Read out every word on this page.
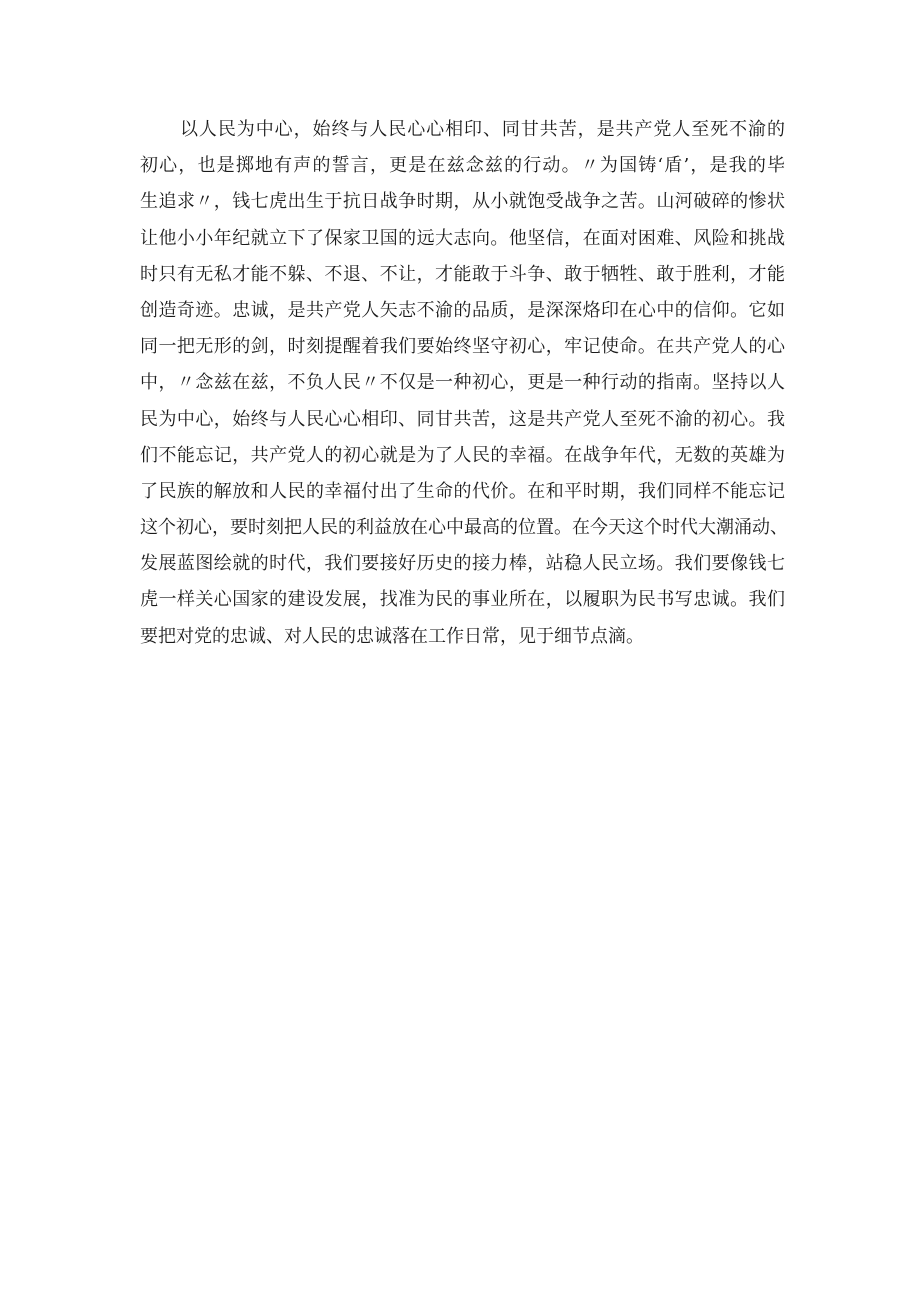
以人民为中心，始终与人民心心相印、同甘共苦，是共产党人至死不渝的
初心，也是掷地有声的誓言，更是在兹念兹的行动。〃为国铸‘盾’，是我的毕
生追求〃，钱七虎出生于抗日战争时期，从小就饱受战争之苦。山河破碎的惨状
让他小小年纪就立下了保家卫国的远大志向。他坚信，在面对困难、风险和挑战
时只有无私才能不躲、不退、不让，才能敢于斗争、敢于牺牲、敢于胜利，才能
创造奇迹。忠诚，是共产党人矢志不渝的品质，是深深烙印在心中的信仰。它如
同一把无形的剑，时刻提醒着我们要始终坚守初心，牢记使命。在共产党人的心
中，〃念兹在兹，不负人民〃不仅是一种初心，更是一种行动的指南。坚持以人
民为中心，始终与人民心心相印、同甘共苦，这是共产党人至死不渝的初心。我
们不能忘记，共产党人的初心就是为了人民的幸福。在战争年代，无数的英雄为
了民族的解放和人民的幸福付出了生命的代价。在和平时期，我们同样不能忘记
这个初心，要时刻把人民的利益放在心中最高的位置。在今天这个时代大潮涌动、
发展蓝图绘就的时代，我们要接好历史的接力棒，站稳人民立场。我们要像钱七
虎一样关心国家的建设发展，找准为民的事业所在，以履职为民书写忠诚。我们
要把对党的忠诚、对人民的忠诚落在工作日常，见于细节点滴。
